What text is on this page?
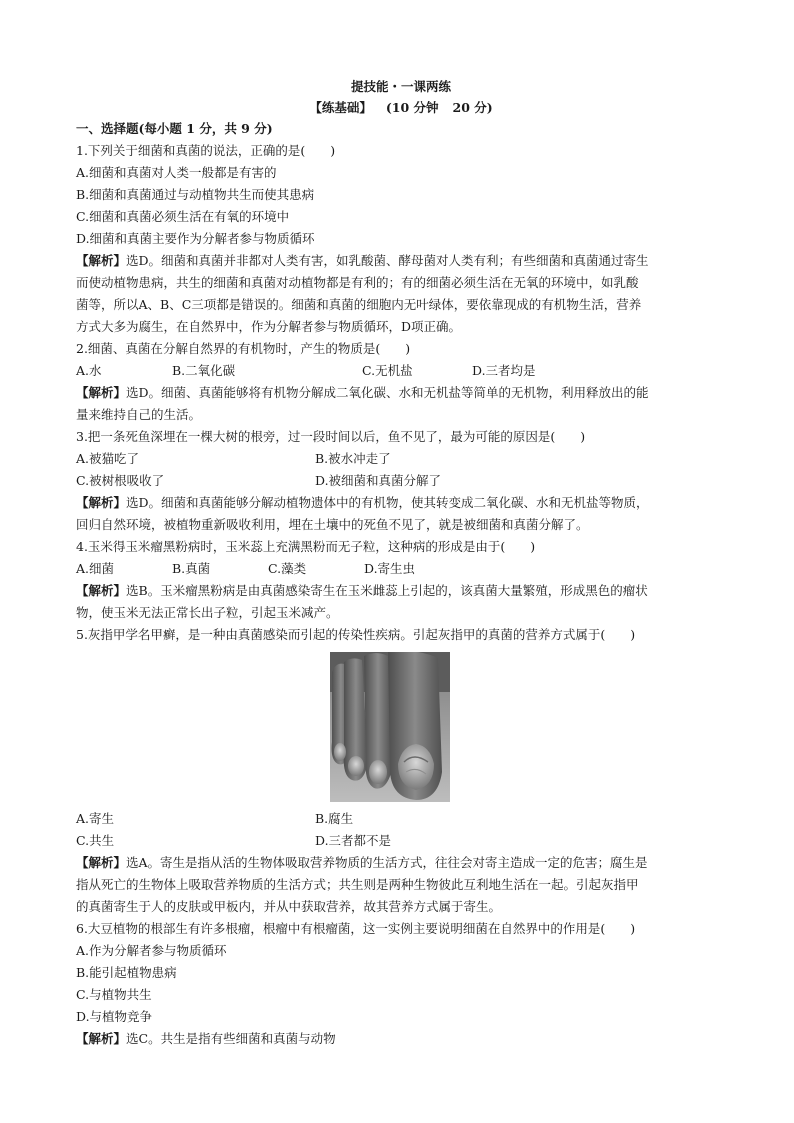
提技能・一课两练
【练基础】 (10 分钟 20 分)
一、选择题(每小题 1 分，共 9 分)
1.下列关于细菌和真菌的说法，正确的是(　　)
A.细菌和真菌对人类一般都是有害的
B.细菌和真菌通过与动植物共生而使其患病
C.细菌和真菌必须生活在有氧的环境中
D.细菌和真菌主要作为分解者参与物质循环
【解析】选D。细菌和真菌并非都对人类有害，如乳酸菌、酵母菌对人类有利；有些细菌和真菌通过寄生
而使动植物患病，共生的细菌和真菌对动植物都是有利的；有的细菌必须生活在无氧的环境中，如乳酸
菌等，所以A、B、C三项都是错误的。细菌和真菌的细胞内无叶绿体，要依靠现成的有机物生活，营养
方式大多为腐生，在自然界中，作为分解者参与物质循环，D项正确。
2.细菌、真菌在分解自然界的有机物时，产生的物质是(　　)
A.水	B.二氧化碳	C.无机盐	D.三者均是
【解析】选D。细菌、真菌能够将有机物分解成二氧化碳、水和无机盐等简单的无机物，利用释放出的能
量来维持自己的生活。
3.把一条死鱼深埋在一棵大树的根旁，过一段时间以后，鱼不见了，最为可能的原因是(　　)
A.被猫吃了	B.被水冲走了
C.被树根吸收了	D.被细菌和真菌分解了
【解析】选D。细菌和真菌能够分解动植物遗体中的有机物，使其转变成二氧化碳、水和无机盐等物质，
回归自然环境，被植物重新吸收利用，埋在土壤中的死鱼不见了，就是被细菌和真菌分解了。
4.玉米得玉米瘤黑粉病时，玉米蕊上充满黑粉而无子粒，这种病的形成是由于(　　)
A.细菌	B.真菌	C.藻类	D.寄生虫
【解析】选B。玉米瘤黑粉病是由真菌感染寄生在玉米雌蕊上引起的，该真菌大量繁殖，形成黑色的瘤状
物，使玉米无法正常长出子粒，引起玉米减产。
5.灰指甲学名甲癣，是一种由真菌感染而引起的传染性疾病。引起灰指甲的真菌的营养方式属于(　　)
A.寄生	B.腐生
C.共生	D.三者都不是
【解析】选A。寄生是指从活的生物体吸取营养物质的生活方式，往往会对寄主造成一定的危害；腐生是
指从死亡的生物体上吸取营养物质的生活方式；共生则是两种生物彼此互利地生活在一起。引起灰指甲
的真菌寄生于人的皮肤或甲板内，并从中获取营养，故其营养方式属于寄生。
6.大豆植物的根部生有许多根瘤，根瘤中有根瘤菌，这一实例主要说明细菌在自然界中的作用是(　　)
A.作为分解者参与物质循环
B.能引起植物患病
C.与植物共生
D.与植物竞争
【解析】选C。共生是指有些细菌和真菌与动物
